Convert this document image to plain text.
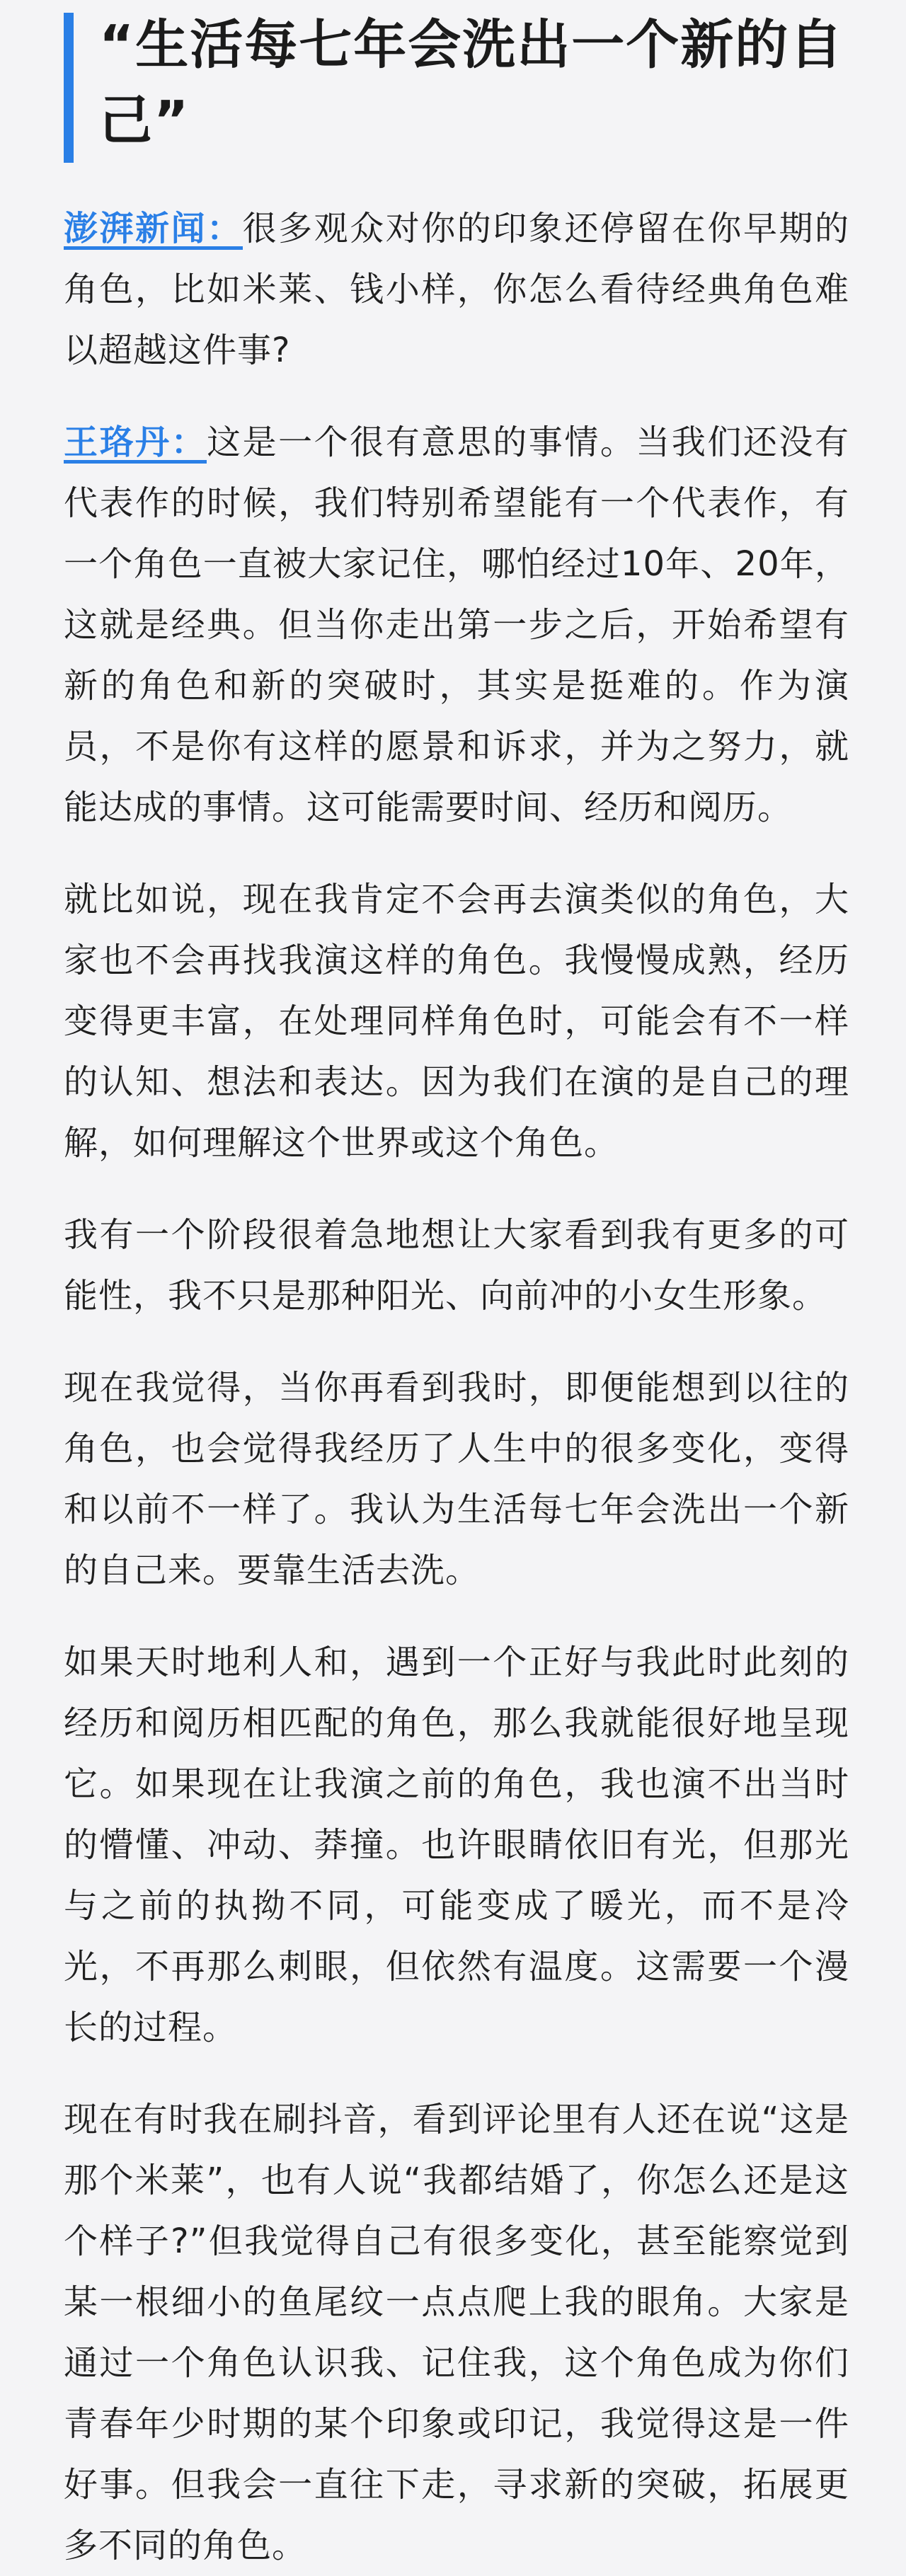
“生活每七年会洗出一个新的自己”

澎湃新闻：很多观众对你的印象还停留在你早期的角色，比如米莱、钱小样，你怎么看待经典角色难以超越这件事?

王珞丹：这是一个很有意思的事情。当我们还没有代表作的时候，我们特别希望能有一个代表作，有一个角色一直被大家记住，哪怕经过10年、20年，这就是经典。但当你走出第一步之后，开始希望有新的角色和新的突破时，其实是挺难的。作为演员，不是你有这样的愿景和诉求，并为之努力，就能达成的事情。这可能需要时间、经历和阅历。

就比如说，现在我肯定不会再去演类似的角色，大家也不会再找我演这样的角色。我慢慢成熟，经历变得更丰富，在处理同样角色时，可能会有不一样的认知、想法和表达。因为我们在演的是自己的理解，如何理解这个世界或这个角色。

我有一个阶段很着急地想让大家看到我有更多的可能性，我不只是那种阳光、向前冲的小女生形象。

现在我觉得，当你再看到我时，即便能想到以往的角色，也会觉得我经历了人生中的很多变化，变得和以前不一样了。我认为生活每七年会洗出一个新的自己来。要靠生活去洗。

如果天时地利人和，遇到一个正好与我此时此刻的经历和阅历相匹配的角色，那么我就能很好地呈现它。如果现在让我演之前的角色，我也演不出当时的懵懂、冲动、莽撞。也许眼睛依旧有光，但那光与之前的执拗不同，可能变成了暖光，而不是冷光，不再那么刺眼，但依然有温度。这需要一个漫长的过程。

现在有时我在刷抖音，看到评论里有人还在说“这是那个米莱”，也有人说“我都结婚了，你怎么还是这个样子?”但我觉得自己有很多变化，甚至能察觉到某一根细小的鱼尾纹一点点爬上我的眼角。大家是通过一个角色认识我、记住我，这个角色成为你们青春年少时期的某个印象或印记，我觉得这是一件好事。但我会一直往下走，寻求新的突破，拓展更多不同的角色。
